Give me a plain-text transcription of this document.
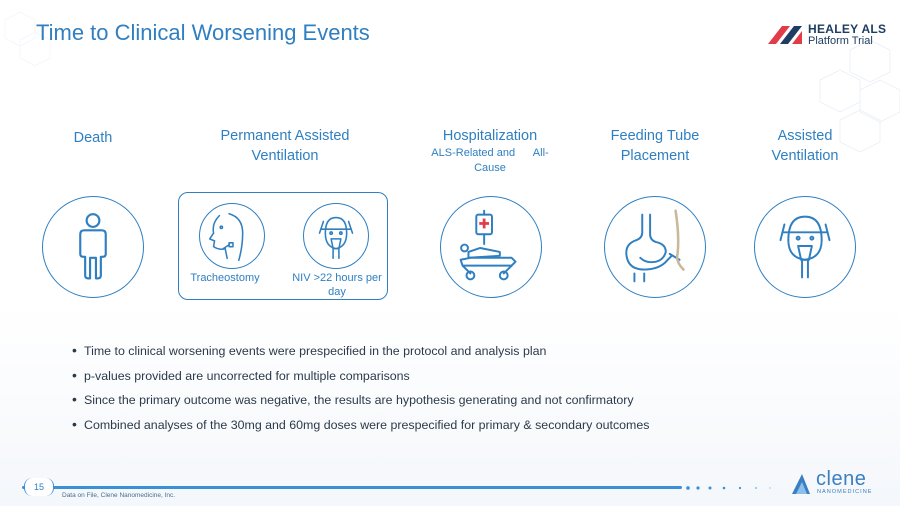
Time to Clinical Worsening Events	HEALEY ALS
Platform Trial
Death	Permanent Assisted
Ventilation
Tracheostomy	NIV >22 hours per
day
Hospitalization
ALS-Related and      All-
Cause
Feeding Tube
Placement
Assisted
Ventilation
• Time to clinical worsening events were prespecified in the protocol and analysis plan
• p-values provided are uncorrected for multiple comparisons
• Since the primary outcome was negative, the results are hypothesis generating and not confirmatory
• Combined analyses of the 30mg and 60mg doses were prespecified for primary & secondary outcomes
15
Data on File, Clene Nanomedicine, Inc.
clene
NANOMEDICINE
